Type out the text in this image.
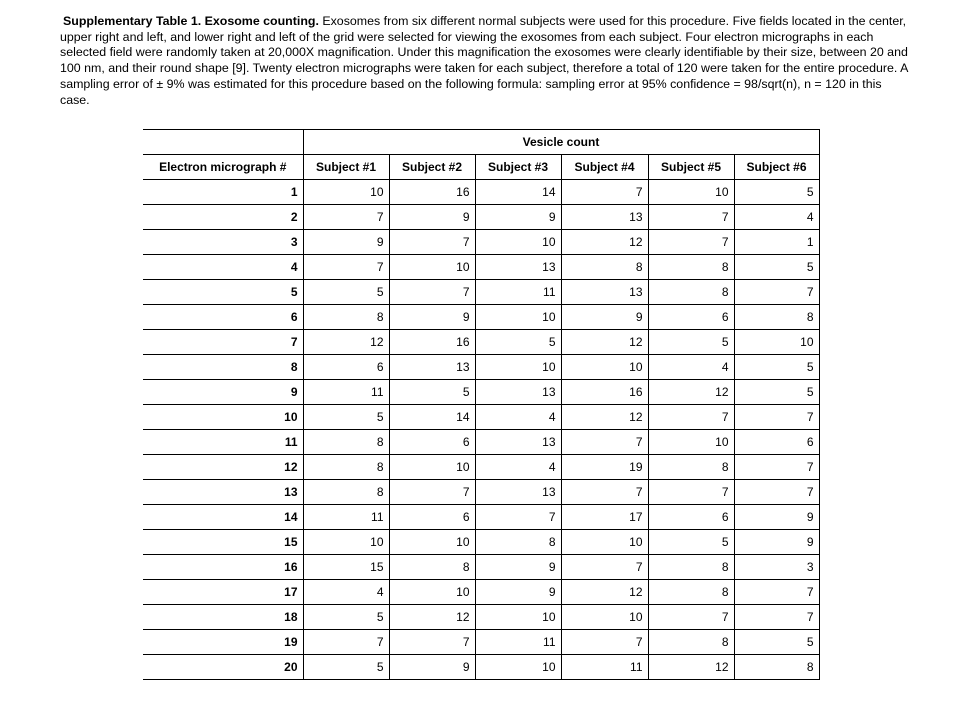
Supplementary Table 1. Exosome counting. Exosomes from six different normal subjects were used for this procedure. Five fields located in the center, upper right and left, and lower right and left of the grid were selected for viewing the exosomes from each subject. Four electron micrographs in each selected field were randomly taken at 20,000X magnification. Under this magnification the exosomes were clearly identifiable by their size, between 20 and 100 nm, and their round shape [9]. Twenty electron micrographs were taken for each subject, therefore a total of 120 were taken for the entire procedure. A sampling error of ± 9% was estimated for this procedure based on the following formula: sampling error at 95% confidence = 98/sqrt(n), n = 120 in this case.
	Vesicle count					
Electron micrograph #	Subject #1	Subject #2	Subject #3	Subject #4	Subject #5	Subject #6
1	10	16	14	7	10	5
2	7	9	9	13	7	4
3	9	7	10	12	7	1
4	7	10	13	8	8	5
5	5	7	11	13	8	7
6	8	9	10	9	6	8
7	12	16	5	12	5	10
8	6	13	10	10	4	5
9	11	5	13	16	12	5
10	5	14	4	12	7	7
11	8	6	13	7	10	6
12	8	10	4	19	8	7
13	8	7	13	7	7	7
14	11	6	7	17	6	9
15	10	10	8	10	5	9
16	15	8	9	7	8	3
17	4	10	9	12	8	7
18	5	12	10	10	7	7
19	7	7	11	7	8	5
20	5	9	10	11	12	8
